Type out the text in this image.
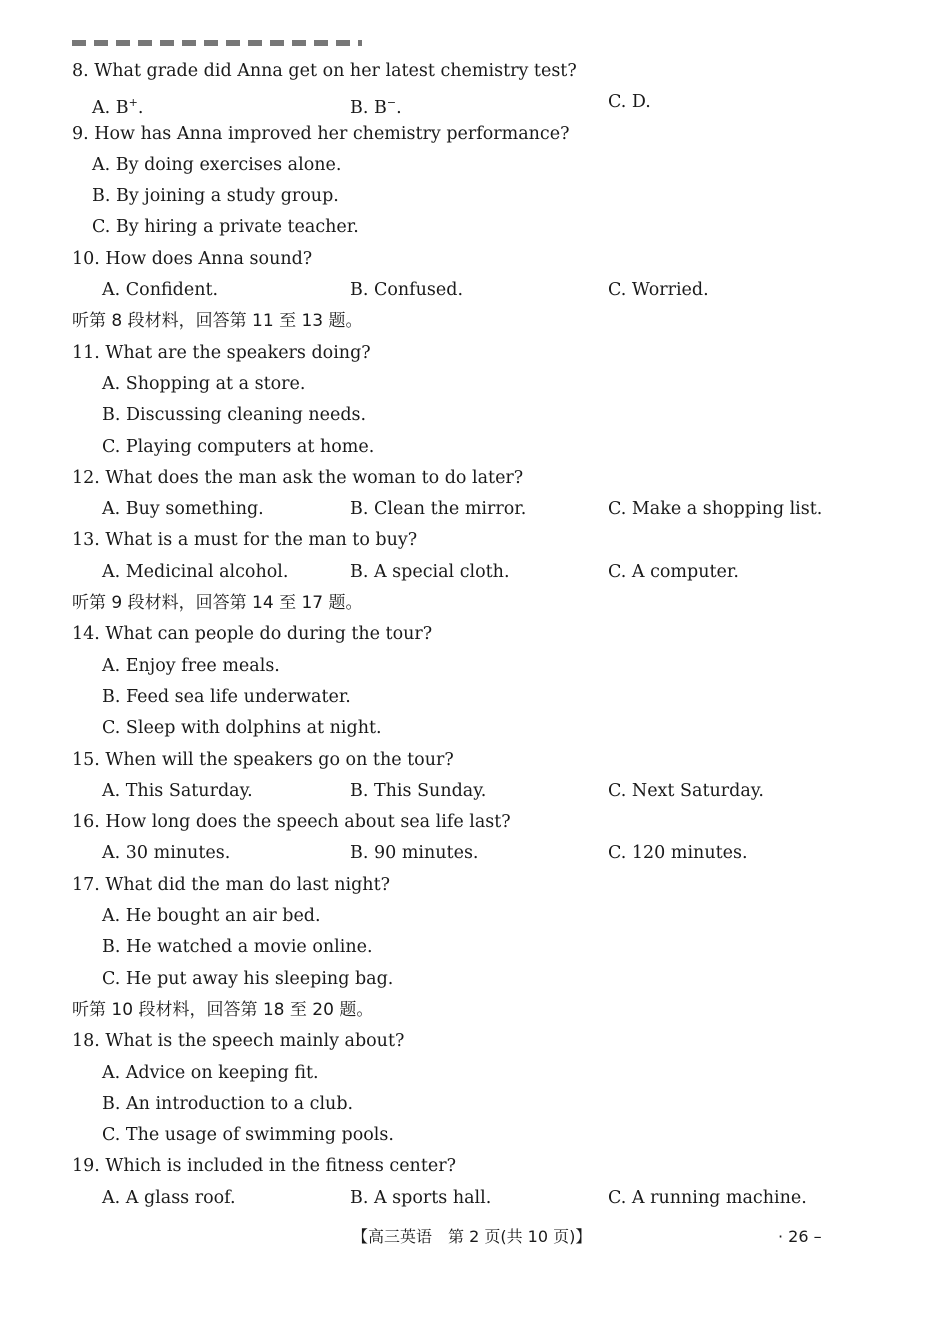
8. What grade did Anna get on her latest chemistry test?
A. B+.	B. B−.	C. D.
9. How has Anna improved her chemistry performance?
A. By doing exercises alone.
B. By joining a study group.
C. By hiring a private teacher.
10. How does Anna sound?
A. Confident.	B. Confused.	C. Worried.
听第 8 段材料，回答第 11 至 13 题。
11. What are the speakers doing?
A. Shopping at a store.
B. Discussing cleaning needs.
C. Playing computers at home.
12. What does the man ask the woman to do later?
A. Buy something.	B. Clean the mirror.	C. Make a shopping list.
13. What is a must for the man to buy?
A. Medicinal alcohol.	B. A special cloth.	C. A computer.
听第 9 段材料，回答第 14 至 17 题。
14. What can people do during the tour?
A. Enjoy free meals.
B. Feed sea life underwater.
C. Sleep with dolphins at night.
15. When will the speakers go on the tour?
A. This Saturday.	B. This Sunday.	C. Next Saturday.
16. How long does the speech about sea life last?
A. 30 minutes.	B. 90 minutes.	C. 120 minutes.
17. What did the man do last night?
A. He bought an air bed.
B. He watched a movie online.
C. He put away his sleeping bag.
听第 10 段材料，回答第 18 至 20 题。
18. What is the speech mainly about?
A. Advice on keeping fit.
B. An introduction to a club.
C. The usage of swimming pools.
19. Which is included in the fitness center?
A. A glass roof.	B. A sports hall.	C. A running machine.
【高三英语　第 2 页(共 10 页)】	· 26 –
